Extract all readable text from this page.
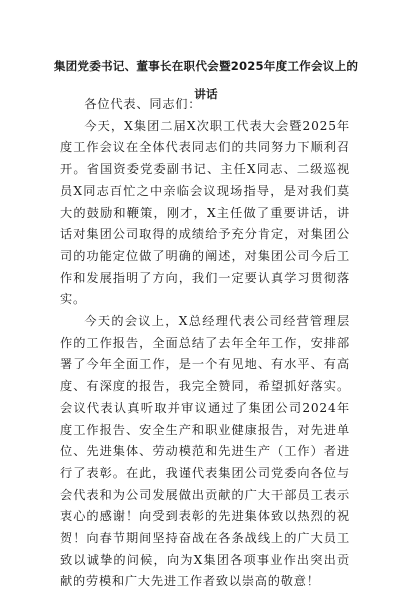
集团党委书记、董事长在职代会暨2025年度工作会议上的
讲话

各位代表、同志们：

今天，X集团二届X次职工代表大会暨2025年度工作会议在全体代表同志们的共同努力下顺利召开。省国资委党委副书记、主任X同志、二级巡视员X同志百忙之中亲临会议现场指导，是对我们莫大的鼓励和鞭策，刚才，X主任做了重要讲话，讲话对集团公司取得的成绩给予充分肯定，对集团公司的功能定位做了明确的阐述，对集团公司今后工作和发展指明了方向，我们一定要认真学习贯彻落实。

今天的会议上，X总经理代表公司经营管理层作的工作报告，全面总结了去年全年工作，安排部署了今年全面工作，是一个有见地、有水平、有高度、有深度的报告，我完全赞同，希望抓好落实。会议代表认真听取并审议通过了集团公司2024年度工作报告、安全生产和职业健康报告，对先进单位、先进集体、劳动模范和先进生产（工作）者进行了表彰。在此，我谨代表集团公司党委向各位与会代表和为公司发展做出贡献的广大干部员工表示衷心的感谢！向受到表彰的先进集体致以热烈的祝贺！向春节期间坚持奋战在各条战线上的广大员工致以诚挚的问候，向为X集团各项事业作出突出贡献的劳模和广大先进工作者致以崇高的敬意！
